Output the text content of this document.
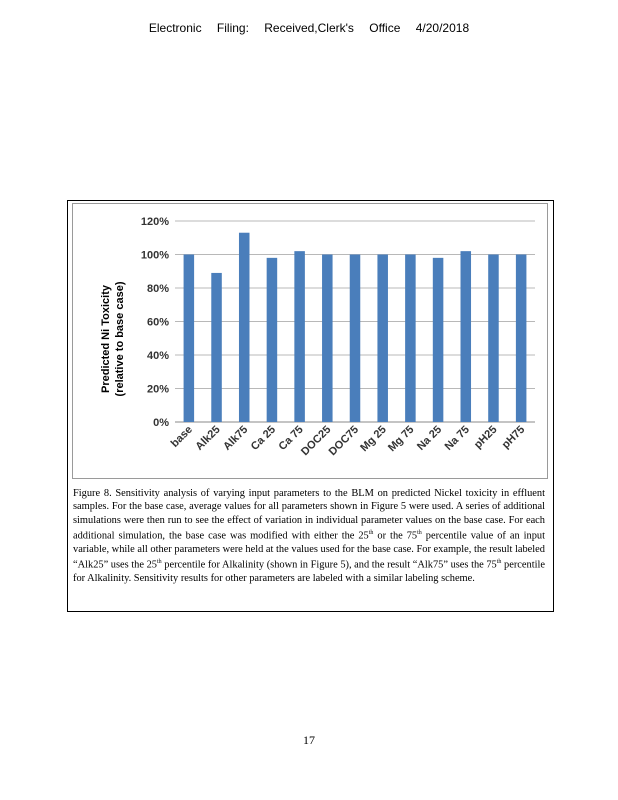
Electronic Filing: Received,Clerk's Office 4/20/2018
0%
20%
40%
60%
80%
100%
120%
base
Alk25
Alk75
Ca 25
Ca 75
DOC25
DOC75
Mg 25
Mg 75
Na 25
Na 75 pH25 pH75
Predicted Ni Toxicity (relative to base case)
Figure 8. Sensitivity analysis of varying input parameters to the BLM on predicted Nickel toxicity in effluent samples. For the base case, average values for all parameters shown in Figure 5 were used. A series of additional simulations were then run to see the effect of variation in individual parameter values on the base case. For each additional simulation, the base case was modified with either the 25th or the 75th percentile value of an input variable, while all other parameters were held at the values used for the base case. For example, the result labeled “Alk25” uses the 25th percentile for Alkalinity (shown in Figure 5), and the result “Alk75” uses the 75th percentile for Alkalinity. Sensitivity results for other parameters are labeled with a similar labeling scheme.
17
